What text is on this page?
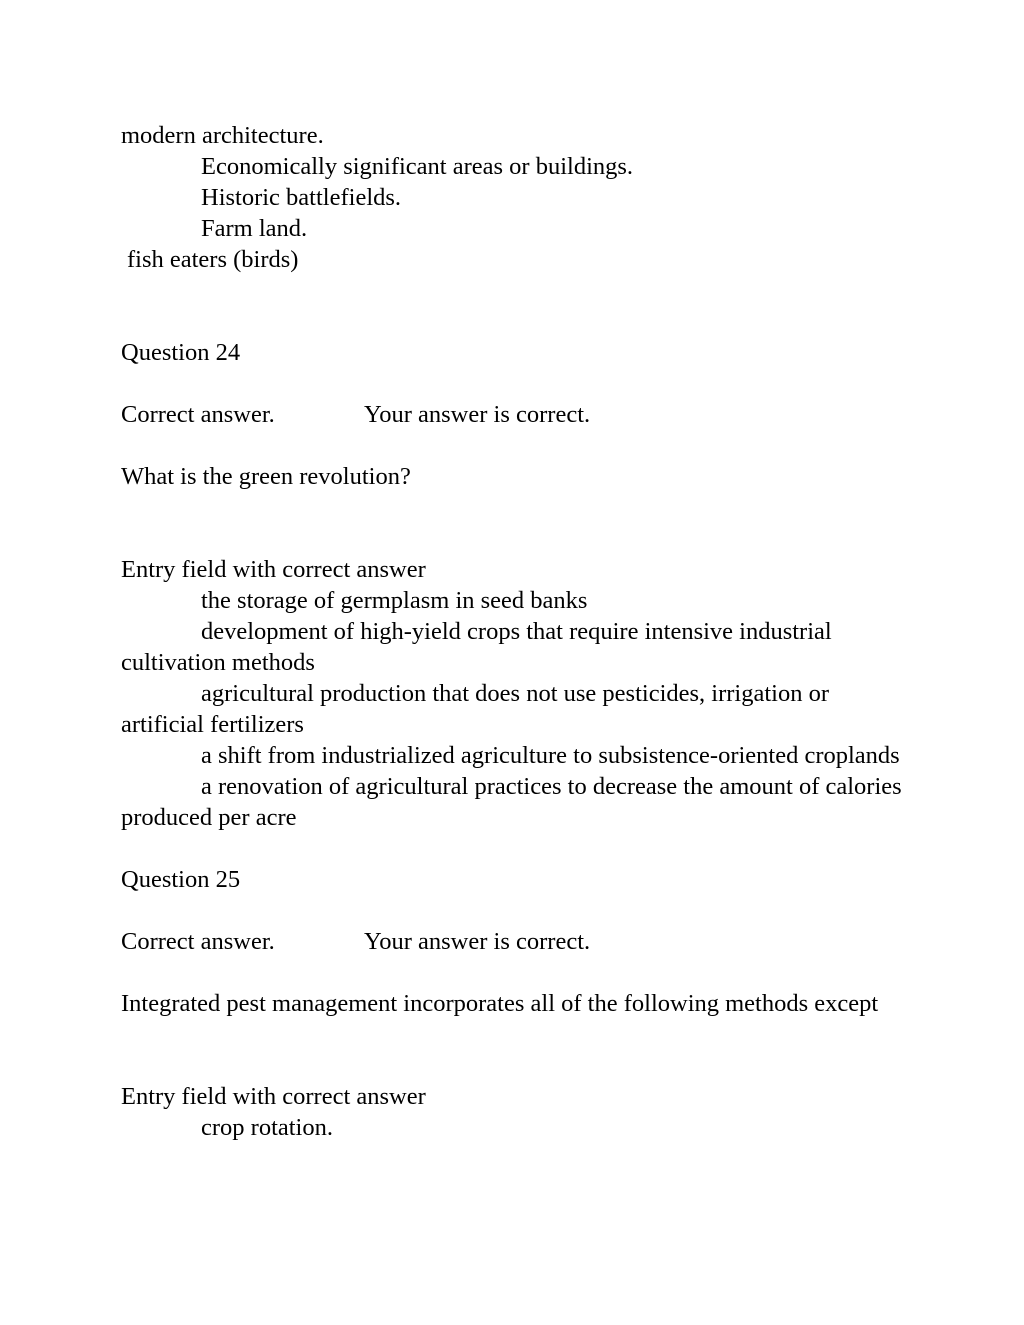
modern architecture.

Economically significant areas or buildings.

Historic battlefields.

Farm land.

fish eaters (birds)

Question 24

Correct answer.	Your answer is correct.

What is the green revolution?

Entry field with correct answer

the storage of germplasm in seed banks

development of high-yield crops that require intensive industrial cultivation methods

agricultural production that does not use pesticides, irrigation or artificial fertilizers

a shift from industrialized agriculture to subsistence-oriented croplands

a renovation of agricultural practices to decrease the amount of calories produced per acre

Question 25

Correct answer.	Your answer is correct.

Integrated pest management incorporates all of the following methods except

Entry field with correct answer

crop rotation.
